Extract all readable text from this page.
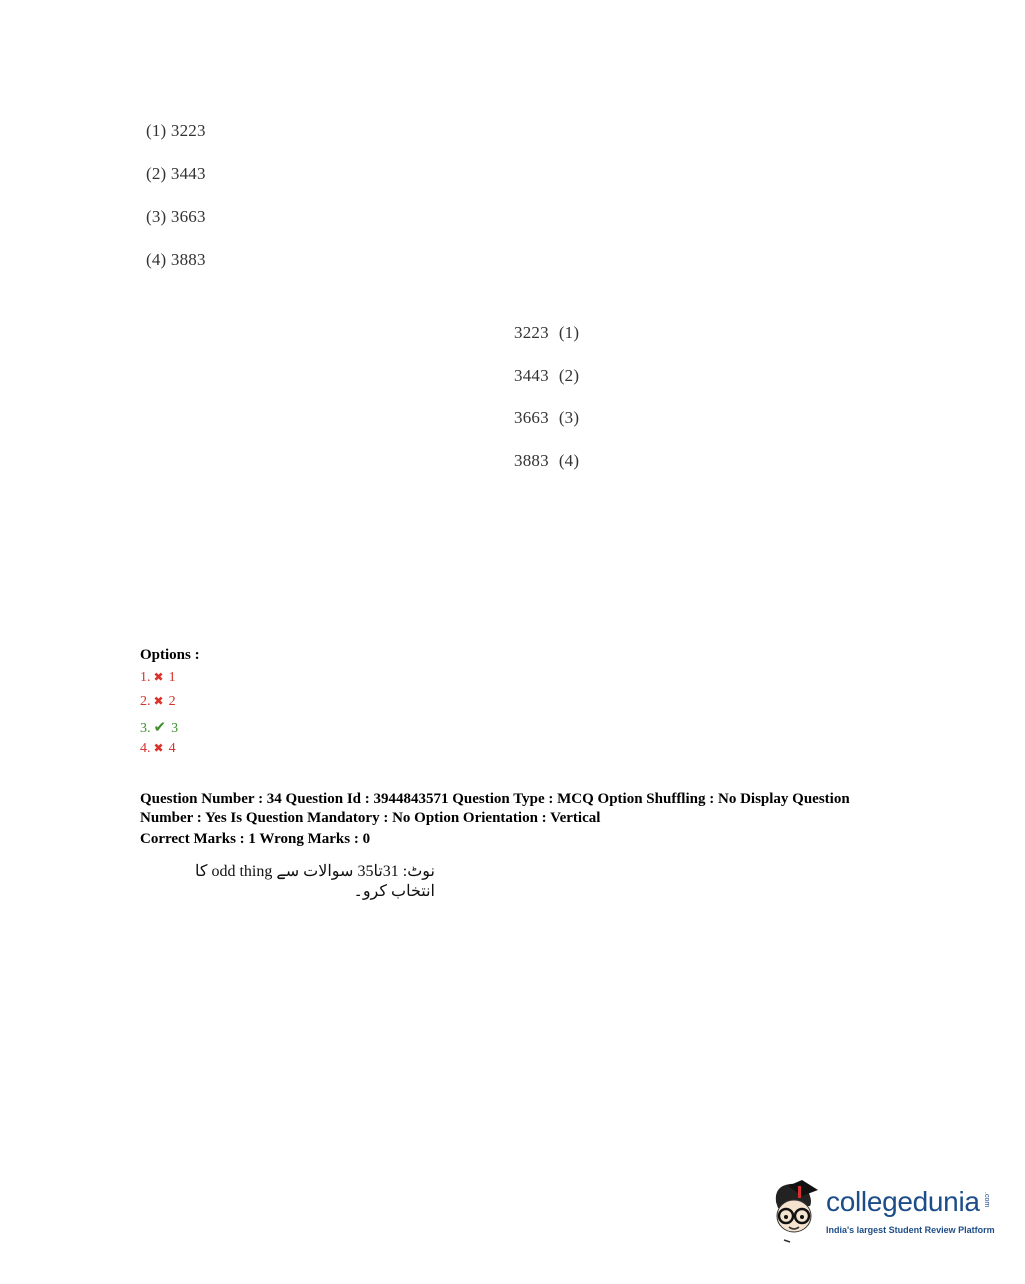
(1) 3223
(2) 3443
(3) 3663
(4) 3883
3223 (1)
3443 (2)
3663 (3)
3883 (4)
Options :
1. ✖ 1
2. ✖ 2
3. ✔ 3
4. ✖ 4
Question Number : 34 Question Id : 3944843571 Question Type : MCQ Option Shuffling : No Display Question
Number : Yes Is Question Mandatory : No Option Orientation : Vertical
Correct Marks : 1 Wrong Marks : 0
نوٹ: 31تا35 سوالات سے odd thing کا انتخاب کرو۔
collegedunia .com
India's largest Student Review Platform
